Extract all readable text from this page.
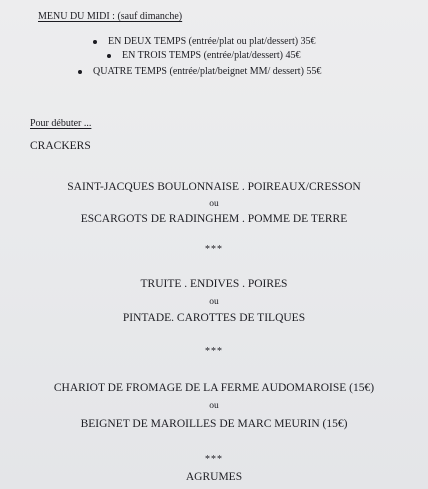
MENU DU MIDI : (sauf dimanche)
EN DEUX TEMPS (entrée/plat ou plat/dessert) 35€
EN TROIS TEMPS (entrée/plat/dessert) 45€
QUATRE TEMPS (entrée/plat/beignet MM/ dessert) 55€
Pour débuter ...
CRACKERS
SAINT-JACQUES BOULONNAISE . POIREAUX/CRESSON
ou
ESCARGOTS DE RADINGHEM . POMME DE TERRE
***
TRUITE . ENDIVES . POIRES
ou
PINTADE. CAROTTES DE TILQUES
***
CHARIOT DE FROMAGE DE LA FERME AUDOMAROISE (15€)
ou
BEIGNET DE MAROILLES DE MARC MEURIN (15€)
***
AGRUMES
